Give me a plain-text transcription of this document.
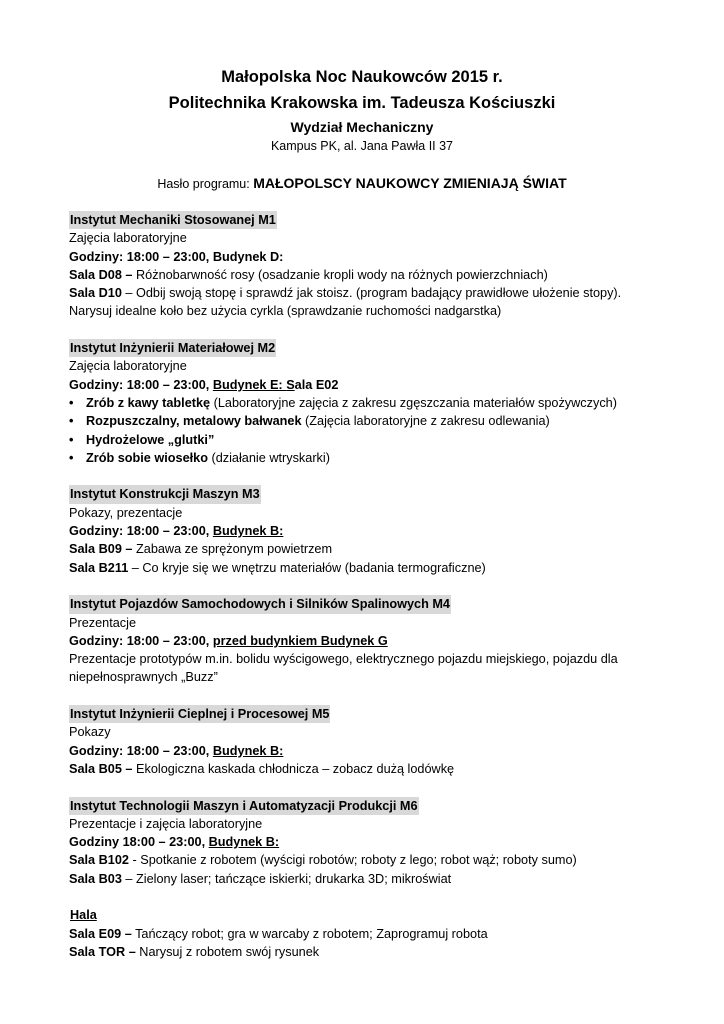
Małopolska Noc Naukowców 2015 r.
Politechnika Krakowska im. Tadeusza Kościuszki
Wydział Mechaniczny
Kampus PK, al. Jana Pawła II 37
Hasło programu: MAŁOPOLSCY NAUKOWCY ZMIENIAJĄ ŚWIAT
Instytut Mechaniki Stosowanej M1
Zajęcia laboratoryjne
Godziny: 18:00 – 23:00, Budynek D:
Sala D08 – Różnobarwność rosy (osadzanie kropli wody na różnych powierzchniach)
Sala D10 – Odbij swoją stopę i sprawdź jak stoisz. (program badający prawidłowe ułożenie stopy).
Narysuj idealne koło bez użycia cyrkla (sprawdzanie ruchomości nadgarstka)
Instytut Inżynierii Materiałowej M2
Zajęcia laboratoryjne
Godziny: 18:00 – 23:00, Budynek E: Sala E02
• Zrób z kawy tabletkę (Laboratoryjne zajęcia z zakresu zgęszczania materiałów spożywczych)
• Rozpuszczalny, metalowy bałwanek (Zajęcia laboratoryjne z zakresu odlewania)
• Hydrożelowe „glutki”
• Zrób sobie wiosełko (działanie wtryskarki)
Instytut Konstrukcji Maszyn M3
Pokazy, prezentacje
Godziny: 18:00 – 23:00, Budynek B:
Sala B09 – Zabawa ze sprężonym powietrzem
Sala B211 – Co kryje się we wnętrzu materiałów (badania termograficzne)
Instytut Pojazdów Samochodowych i Silników Spalinowych M4
Prezentacje
Godziny: 18:00 – 23:00, przed budynkiem Budynek G
Prezentacje prototypów m.in. bolidu wyścigowego, elektrycznego pojazdu miejskiego, pojazdu dla niepełnosprawnych „Buzz”
Instytut Inżynierii Cieplnej i Procesowej M5
Pokazy
Godziny: 18:00 – 23:00, Budynek B:
Sala B05 – Ekologiczna kaskada chłodnicza – zobacz dużą lodówkę
Instytut Technologii Maszyn i Automatyzacji Produkcji M6
Prezentacje i zajęcia laboratoryjne
Godziny 18:00 – 23:00, Budynek B:
Sala B102 - Spotkanie z robotem (wyścigi robotów; roboty z lego; robot wąż; roboty sumo)
Sala B03 – Zielony laser; tańczące iskierki; drukarka 3D; mikroświat
Hala
Sala E09 – Tańczący robot; gra w warcaby z robotem; Zaprogramuj robota
Sala TOR – Narysuj z robotem swój rysunek
